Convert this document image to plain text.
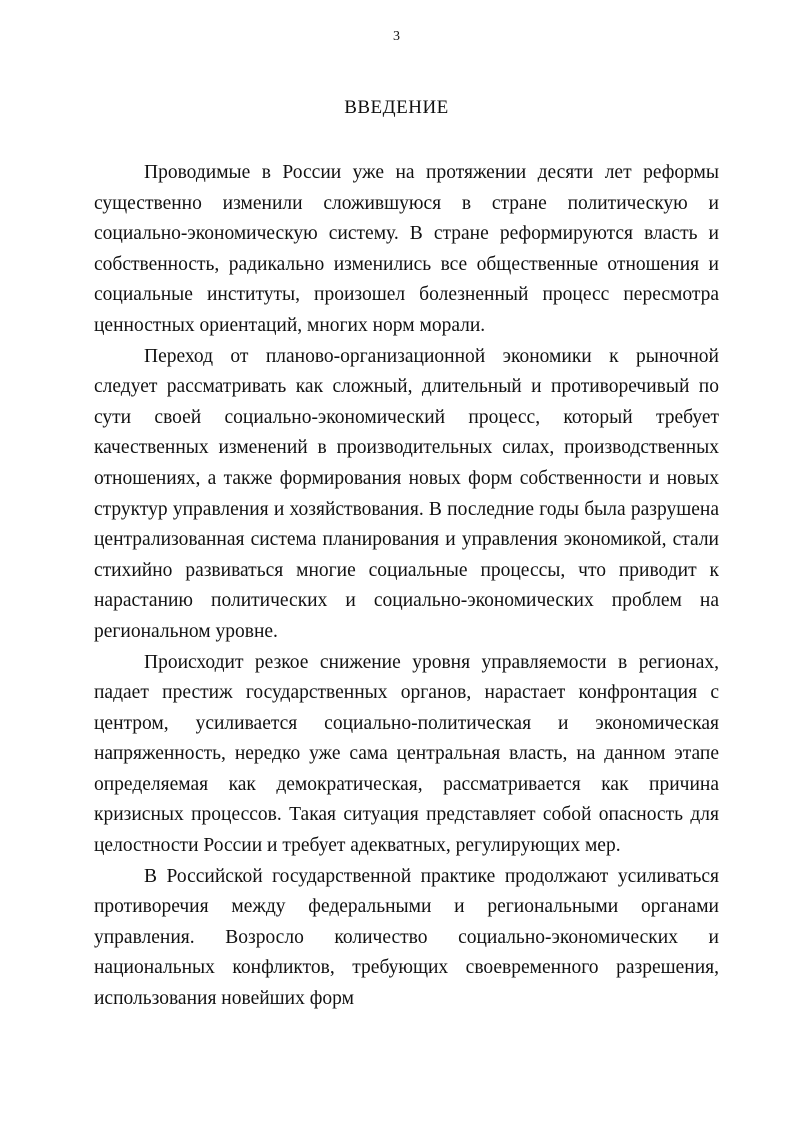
3
ВВЕДЕНИЕ

Проводимые в России уже на протяжении десяти лет реформы существенно изменили сложившуюся в стране политическую и социально-экономическую систему. В стране реформируются власть и собственность, радикально изменились все общественные отношения и социальные институты, произошел болезненный процесс пересмотра ценностных ориентаций, многих норм морали.

Переход от планово-организационной экономики к рыночной следует рассматривать как сложный, длительный и противоречивый по сути своей социально-экономический процесс, который требует качественных изменений в производительных силах, производственных отношениях, а также формирования новых форм собственности и новых структур управления и хозяйствования. В последние годы была разрушена централизованная система планирования и управления экономикой, стали стихийно развиваться многие социальные процессы, что приводит к нарастанию политических и социально-экономических проблем на региональном уровне.

Происходит резкое снижение уровня управляемости в регионах, падает престиж государственных органов, нарастает конфронтация с центром, усиливается социально-политическая и экономическая напряженность, нередко уже сама центральная власть, на данном этапе определяемая как демократическая, рассматривается как причина кризисных процессов. Такая ситуация представляет собой опасность для целостности России и требует адекватных, регулирующих мер.

В Российской государственной практике продолжают усиливаться противоречия между федеральными и региональными органами управления. Возросло количество социально-экономических и национальных конфликтов, требующих своевременного разрешения, использования новейших форм
